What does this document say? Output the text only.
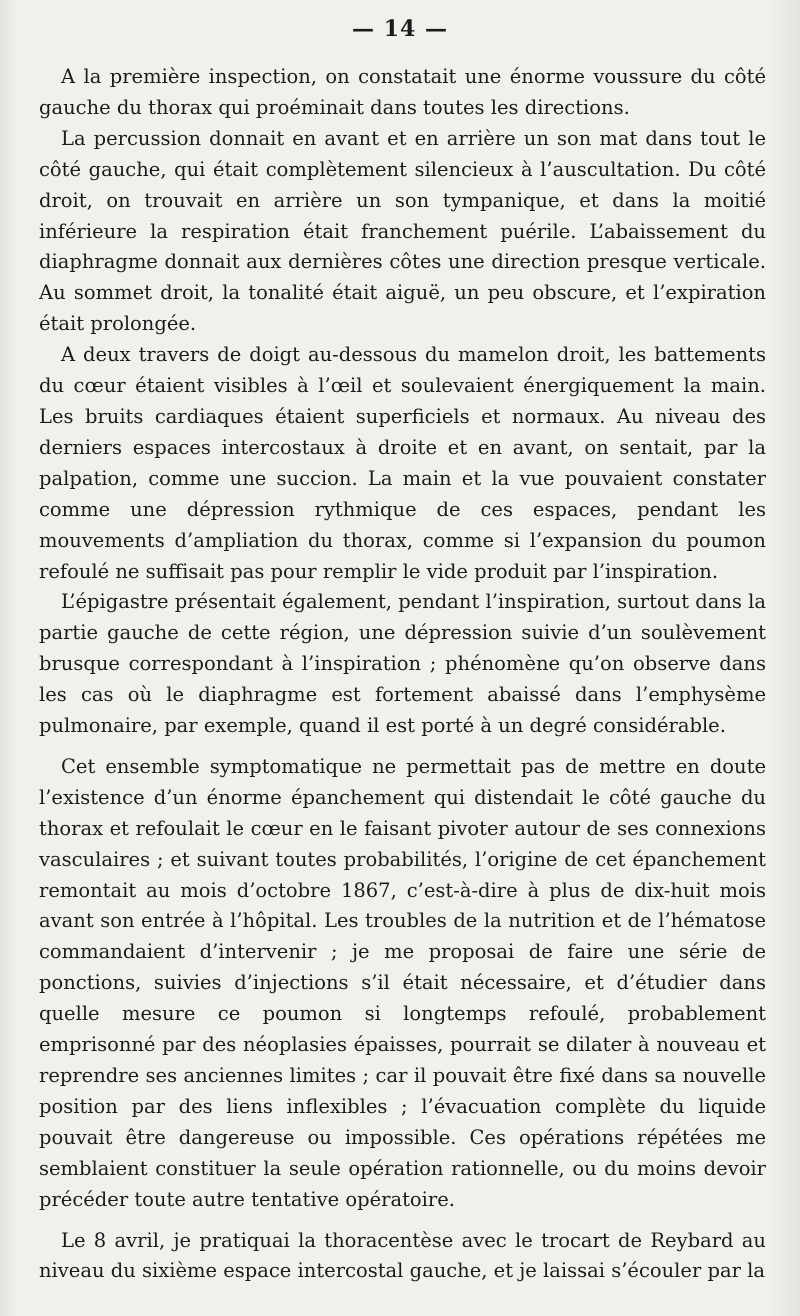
— 14 —

A la première inspection, on constatait une énorme voussure du côté gauche du thorax qui proéminait dans toutes les directions.

La percussion donnait en avant et en arrière un son mat dans tout le côté gauche, qui était complètement silencieux à l’auscultation. Du côté droit, on trouvait en arrière un son tympanique, et dans la moitié inférieure la respiration était franchement puérile. L’abaissement du diaphragme donnait aux dernières côtes une direction presque verticale. Au sommet droit, la tonalité était aiguë, un peu obscure, et l’expiration était prolongée.

A deux travers de doigt au-dessous du mamelon droit, les battements du cœur étaient visibles à l’œil et soulevaient énergiquement la main. Les bruits cardiaques étaient superficiels et normaux. Au niveau des derniers espaces intercostaux à droite et en avant, on sentait, par la palpation, comme une succion. La main et la vue pouvaient constater comme une dépression rythmique de ces espaces, pendant les mouvements d’ampliation du thorax, comme si l’expansion du poumon refoulé ne suffisait pas pour remplir le vide produit par l’inspiration.

L’épigastre présentait également, pendant l’inspiration, surtout dans la partie gauche de cette région, une dépression suivie d’un soulèvement brusque correspondant à l’inspiration ; phénomène qu’on observe dans les cas où le diaphragme est fortement abaissé dans l’emphysème pulmonaire, par exemple, quand il est porté à un degré considérable.

Cet ensemble symptomatique ne permettait pas de mettre en doute l’existence d’un énorme épanchement qui distendait le côté gauche du thorax et refoulait le cœur en le faisant pivoter autour de ses connexions vasculaires ; et suivant toutes probabilités, l’origine de cet épanchement remontait au mois d’octobre 1867, c’est-à-dire à plus de dix-huit mois avant son entrée à l’hôpital. Les troubles de la nutrition et de l’hématose commandaient d’intervenir ; je me proposai de faire une série de ponctions, suivies d’injections s’il était nécessaire, et d’étudier dans quelle mesure ce poumon si longtemps refoulé, probablement emprisonné par des néoplasies épaisses, pourrait se dilater à nouveau et reprendre ses anciennes limites ; car il pouvait être fixé dans sa nouvelle position par des liens inflexibles ; l’évacuation complète du liquide pouvait être dangereuse ou impossible. Ces opérations répétées me semblaient constituer la seule opération rationnelle, ou du moins devoir précéder toute autre tentative opératoire.

Le 8 avril, je pratiquai la thoracentèse avec le trocart de Reybard au niveau du sixième espace intercostal gauche, et je laissai s’écouler par la
